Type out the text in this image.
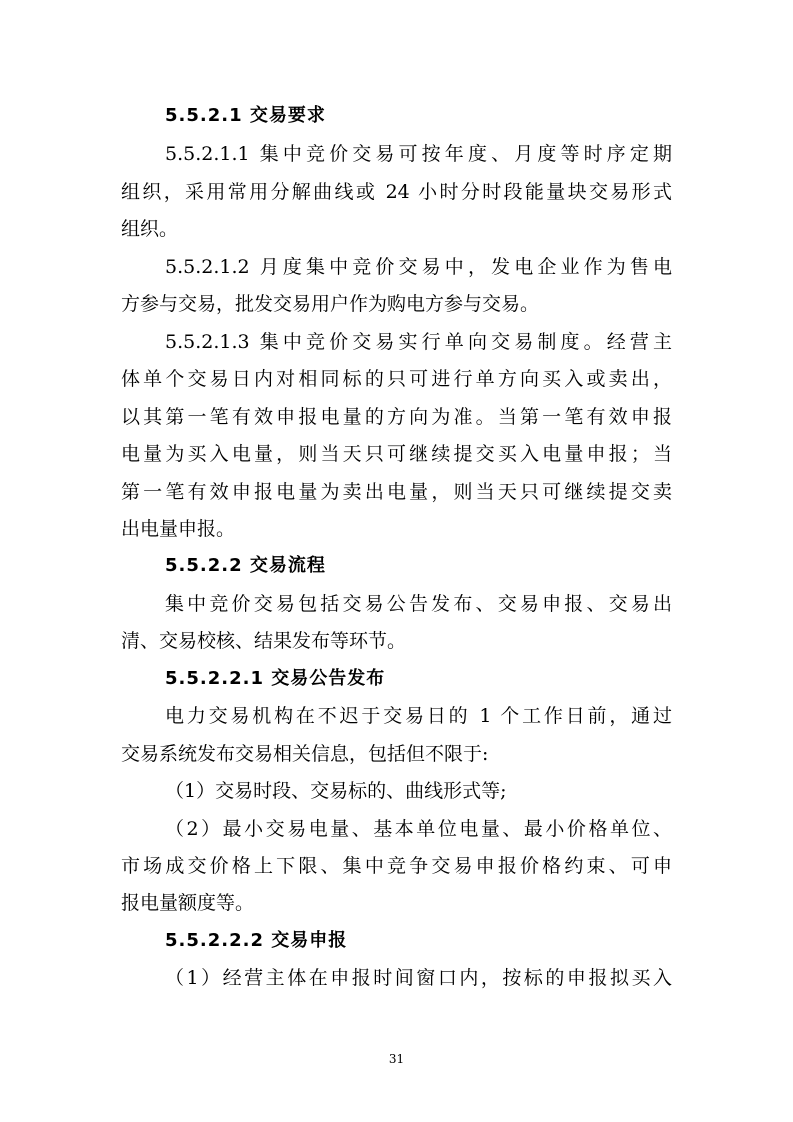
5.5.2.1 交易要求

5.5.2.1.1 集中竞价交易可按年度、月度等时序定期

组织，采用常用分解曲线或 24 小时分时段能量块交易形式

组织。

5.5.2.1.2 月度集中竞价交易中，发电企业作为售电

方参与交易，批发交易用户作为购电方参与交易。

5.5.2.1.3 集中竞价交易实行单向交易制度。经营主

体单个交易日内对相同标的只可进行单方向买入或卖出，

以其第一笔有效申报电量的方向为准。当第一笔有效申报

电量为买入电量，则当天只可继续提交买入电量申报；当

第一笔有效申报电量为卖出电量，则当天只可继续提交卖

出电量申报。

5.5.2.2 交易流程

集中竞价交易包括交易公告发布、交易申报、交易出

清、交易校核、结果发布等环节。

5.5.2.2.1 交易公告发布

电力交易机构在不迟于交易日的 1 个工作日前，通过

交易系统发布交易相关信息，包括但不限于:

（1）交易时段、交易标的、曲线形式等;

（2）最小交易电量、基本单位电量、最小价格单位、

市场成交价格上下限、集中竞争交易申报价格约束、可申

报电量额度等。

5.5.2.2.2 交易申报

（1）经营主体在申报时间窗口内，按标的申报拟买入

31
